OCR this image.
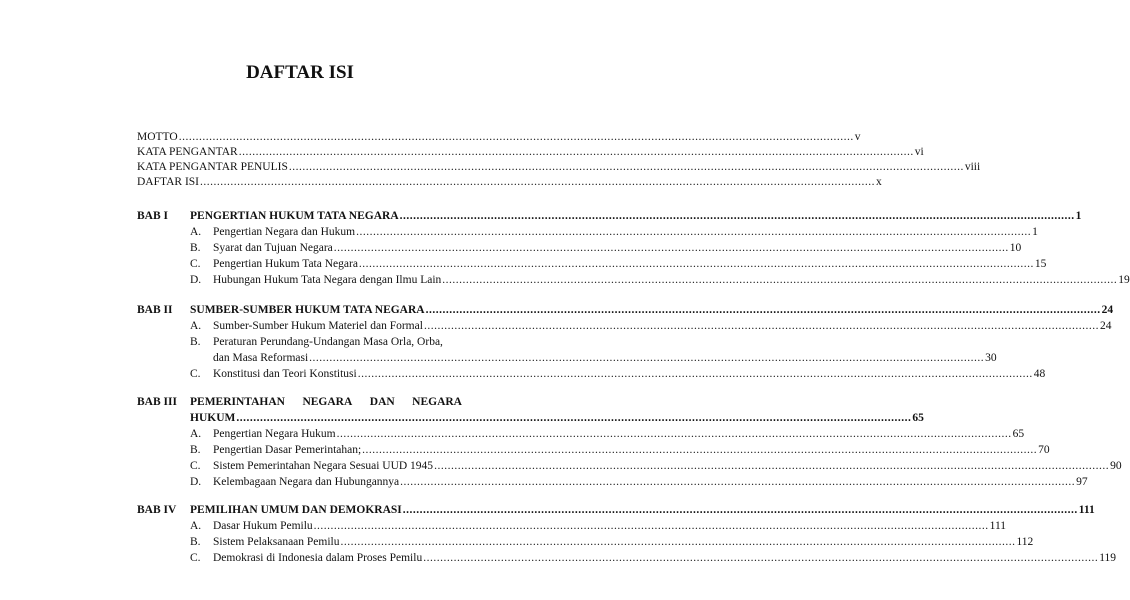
DAFTAR ISI
MOTTO ........................................................................................................................................................................................................ v
KATA PENGANTAR ........................................................................................................................................................................................................ vi
KATA PENGANTAR PENULIS ........................................................................................................................................................................................................ viii
DAFTAR ISI ........................................................................................................................................................................................................ x
BAB I PENGERTIAN HUKUM TATA NEGARA ........................................................................................................................................................................................................ 1
A. Pengertian Negara dan Hukum ........................................................................................................................................................................................................ 1
B. Syarat dan Tujuan Negara ........................................................................................................................................................................................................ 10
C. Pengertian Hukum Tata Negara ........................................................................................................................................................................................................ 15
D. Hubungan Hukum Tata Negara dengan Ilmu Lain ........................................................................................................................................................................................................ 19
BAB II SUMBER-SUMBER HUKUM TATA NEGARA ........................................................................................................................................................................................................ 24
A. Sumber-Sumber Hukum Materiel dan Formal ........................................................................................................................................................................................................ 24
B. Peraturan Perundang-Undangan Masa Orla, Orba,
dan Masa Reformasi ........................................................................................................................................................................................................ 30
C. Konstitusi dan Teori Konstitusi ........................................................................................................................................................................................................ 48
BAB III PEMERINTAHAN NEGARA DAN NEGARA
HUKUM ........................................................................................................................................................................................................ 65
A. Pengertian Negara Hukum ........................................................................................................................................................................................................ 65
B. Pengertian Dasar Pemerintahan; ........................................................................................................................................................................................................ 70
C. Sistem Pemerintahan Negara Sesuai UUD 1945 ........................................................................................................................................................................................................ 90
D. Kelembagaan Negara dan Hubungannya ........................................................................................................................................................................................................ 97
BAB IV PEMILIHAN UMUM DAN DEMOKRASI ........................................................................................................................................................................................................ 111
A. Dasar Hukum Pemilu ........................................................................................................................................................................................................ 111
B. Sistem Pelaksanaan Pemilu ........................................................................................................................................................................................................ 112
C. Demokrasi di Indonesia dalam Proses Pemilu ........................................................................................................................................................................................................ 119
